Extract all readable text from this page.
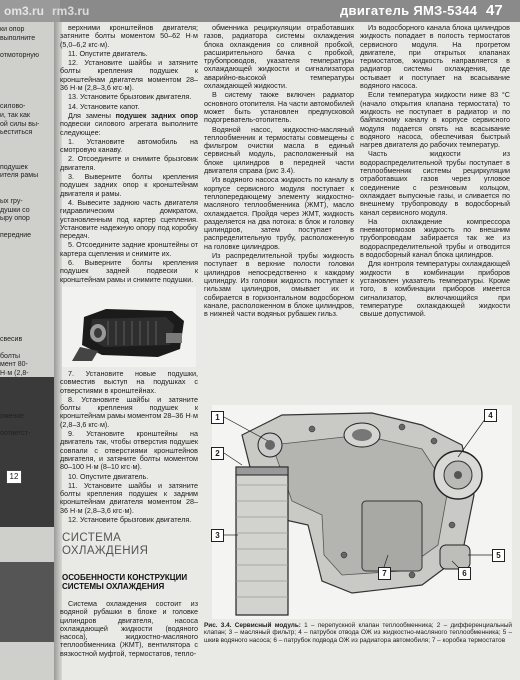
om3.ru rm3.ru	двигатель ЯМЗ-5344 47
12
ки опор
выполните
отмоторную
силово-
и, так как
ой силы вы-
ьеститься
подушек
ителя рамы
ых гру-
душки со
ыру опор
передние
свесив
болты
мент 80-
Н·м (2,8-
ожение
оответст-

верхними кронштейнов двигателя; затяните болты моментом 50–62 Н·м (5,0–6,2 кгс·м).

11. Опустите двигатель.

12. Установите шайбы и затяните болты крепления подушек к кронштейнам двигателя моментом 28–36 Н·м (2,8–3,6 кгс·м).

13. Установите брызговик двигателя.

14. Установите капот.

Для замены подушек задних опор подвески силового агрегата выполните следующее:

1. Установите автомобиль на смотровую канаву.

2. Отсоедините и снимите брызговик двигателя.

3. Выверните болты крепления подушек задних опор к кронштейнам двигателя и рамы.

4. Вывесите заднюю часть двигателя гидравлическим домкратом, установленным под картер сцепления. Установите надежную опору под коробку передач.

5. Отсоедините задние кронштейны от картера сцепления и снимите их.

6. Выверните болты крепления подушек задней подвески к кронштейнам рамы и снимите подушки.

7. Установите новые подушки, совместив выступ на подушках с отверстиями в кронштейнах.

8. Установите шайбы и затяните болты крепления подушек к кронштейнам рамы моментом 28–36 Н·м (2,8–3,6 кгс·м).

9. Установите кронштейны на двигатель так, чтобы отверстия подушек совпали с отверстиями кронштейнов двигателя, и затяните болты моментом 80–100 Н·м (8–10 кгс·м).

10. Опустите двигатель.

11. Установите шайбы и затяните болты крепления подушек к задним кронштейнам двигателя моментом 28–36 Н·м (2,8–3,6 кгс·м).

12. Установите брызговик двигателя.

СИСТЕМА ОХЛАЖДЕНИЯ
ОСОБЕННОСТИ КОНСТРУКЦИИ СИСТЕМЫ ОХЛАЖДЕНИЯ

Система охлаждения состоит из водяной рубашки в блоке и головке цилиндров двигателя, насоса охлаждающей жидкости (водяного насоса), жидкостно-масляного теплообменника (ЖМТ), вентилятора с вязкостной муфтой, термостатов, тепло-

обменника рециркуляции отработавших газов, радиатора системы охлаждения блока охлаждения со сливной пробкой, расширительного бачка с пробкой, трубопроводов, указателя температуры охлаждающей жидкости и сигнализатора аварийно-высокой температуры охлаждающей жидкости.

В систему также включен радиатор основного отопителя. На части автомобилей может быть установлен предпусковой подогреватель-отопитель.

Водяной насос, жидкостно-масляный теплообменник и термостаты совмещены с фильтром очистки масла в единый сервисный модуль, расположенный на блоке цилиндров в передней части двигателя справа (рис 3.4).

Из водяного насоса жидкость по каналу в корпусе сервисного модуля поступает к теплопередающему элементу жидкостно-масляного теплообменника (ЖМТ), масло охлаждается. Пройдя через ЖМТ, жидкость разделяется на два потока: в блок и головку цилиндров, затем поступает в распределительную трубу, расположенную на головке цилиндров.

Из распределительной трубы жидкость поступает в верхние полости головки цилиндров непосредственно к каждому цилиндру. Из головки жидкость поступает к гильзам цилиндров, омывает их и собирается в горизонтальном водосборном канале, расположенном в блоке цилиндров, в нижней части водяных рубашек гильз.

Из водосборного канала блока цилиндров жидкость попадает в полость термостатов сервисного модуля. На прогретом двигателе, при открытых клапанах термостатов, жидкость направляется в радиатор системы охлаждения, где остывает и поступает на всасывание водяного насоса.

Если температура жидкости ниже 83 °С (начало открытия клапана термостата) то жидкость не поступает в радиатор и по байпасному каналу в корпусе сервисного модуля подается опять на всасывание водяного насоса, обеспечивая быстрый нагрев двигателя до рабочих температур.

Часть жидкости из водораспределительной трубы поступает в теплообменник системы рециркуляции отработавших газов через угловое соединение с резиновым кольцом, охлаждает выпускные газы, и сливается по внешнему трубопроводу в водосборный канал сервисного модуля.

На охлаждение компрессора пневмотормозов жидкость по внешним трубопроводам забирается так же из водораспределительной трубы и отводится в водосборный канал блока цилиндров.

Для контроля температуры охлаждающей жидкости в комбинации приборов установлен указатель температуры. Кроме того, в комбинации приборов имеется сигнализатор, включающийся при температуре охлаждающей жидкости свыше допустимой.

1
2
3
4
5
6
7
Рис. 3.4. Сервисный модуль: 1 – перепускной клапан теплообменника; 2 – дифференциальный клапан; 3 – масляный фильтр; 4 – патрубок отвода ОЖ из жидкостно-масляного теплообменника; 5 – шкив водяного насоса; 6 – патрубок подвода ОЖ из радиатора автомобиля; 7 – коробка термостатов
